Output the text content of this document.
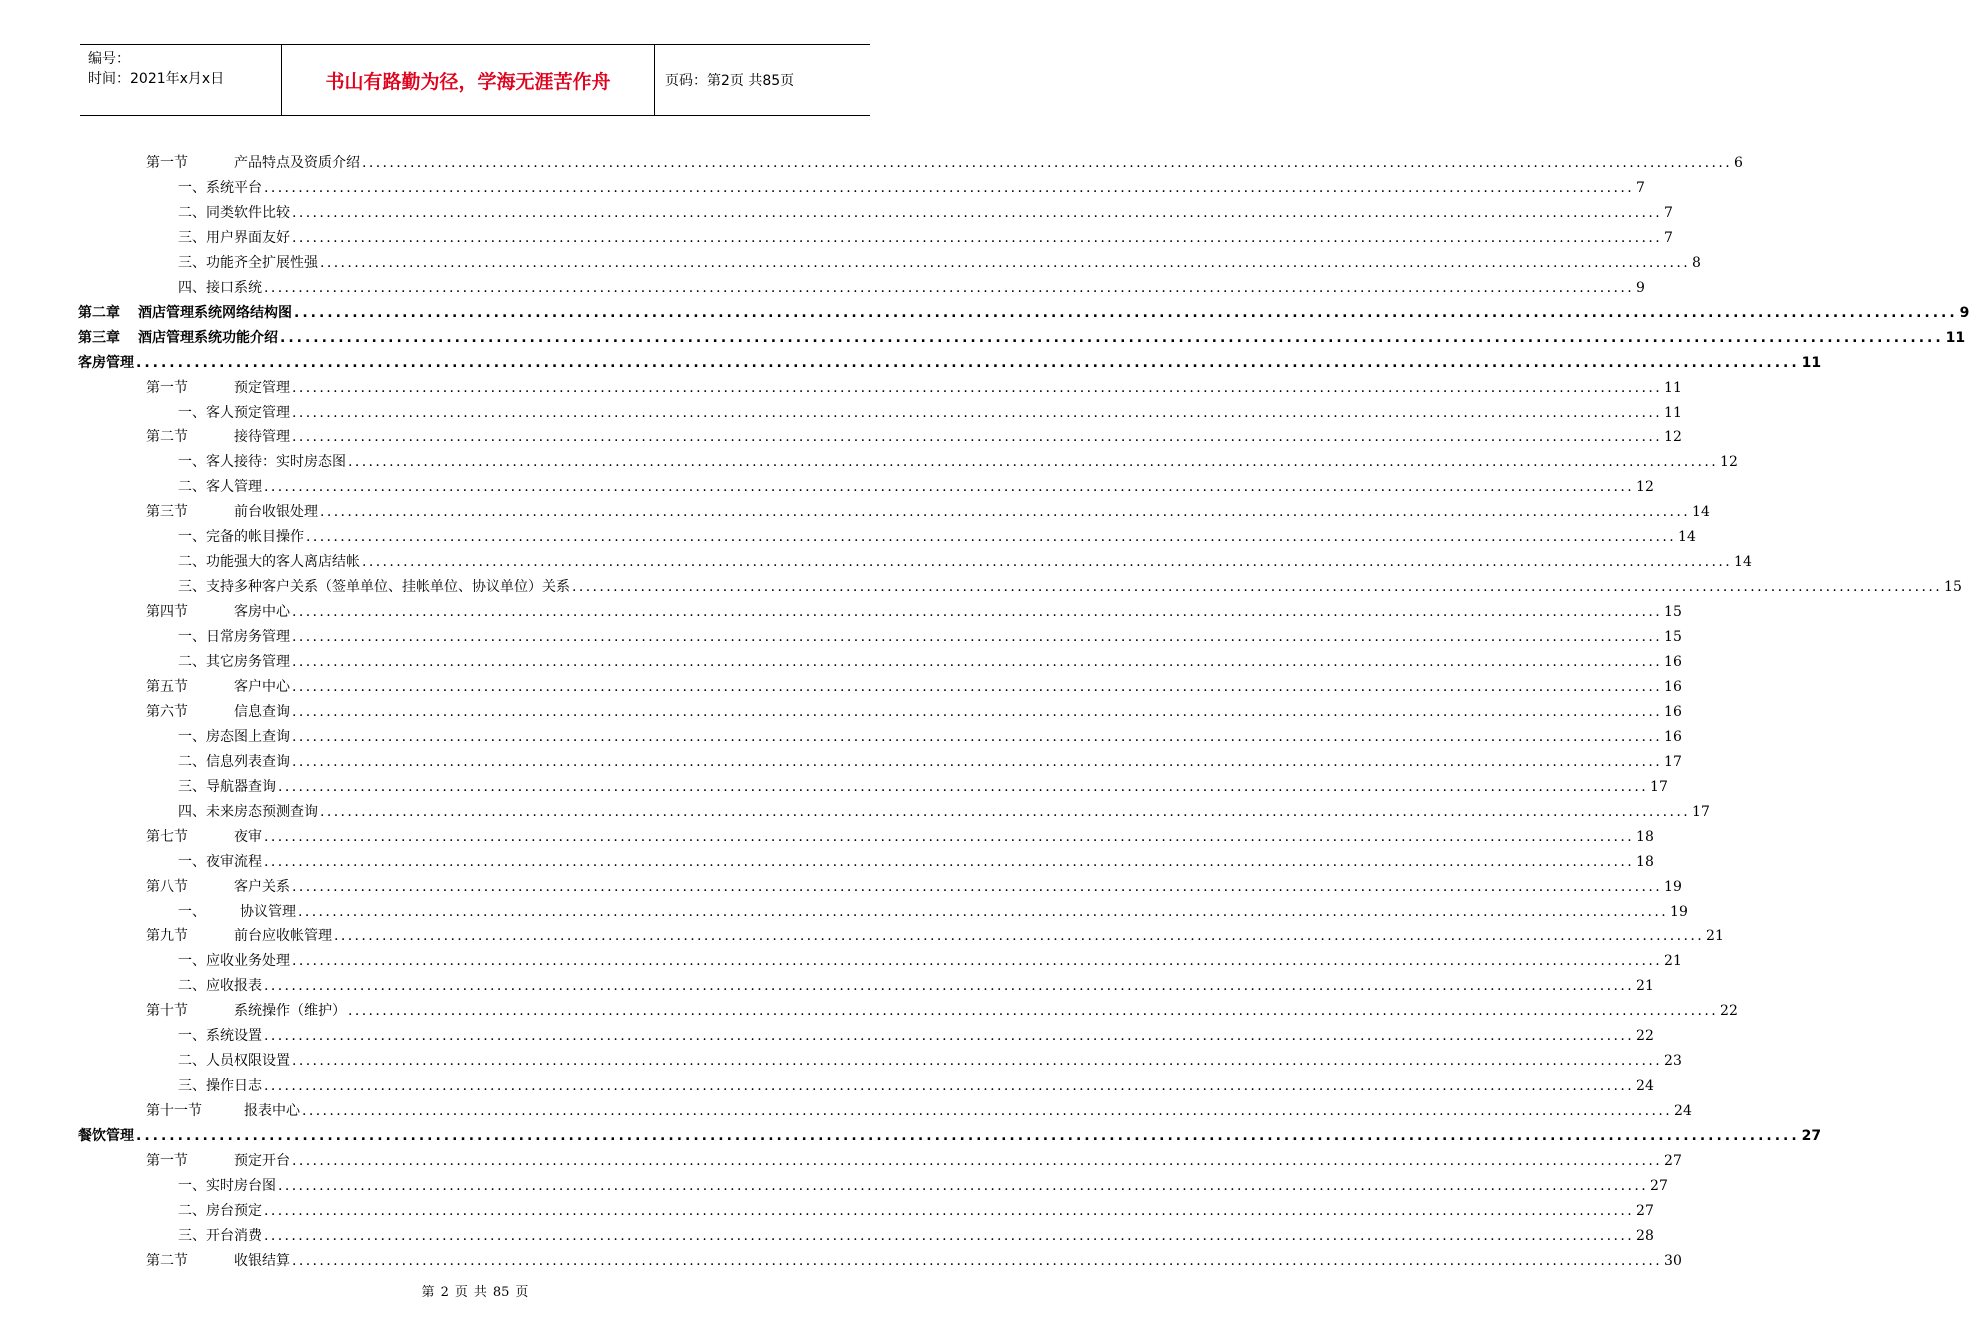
编号：
时间：2021年x月x日	书山有路勤为径，学海无涯苦作舟	页码：第2页 共85页
第一节	产品特点及资质介绍 ........................................................................................................................................................................................................ 6
一、系统平台 ........................................................................................................................................................................................................ 7
二、同类软件比较 ........................................................................................................................................................................................................ 7
三、用户界面友好 ........................................................................................................................................................................................................ 7
三、功能齐全扩展性强 ........................................................................................................................................................................................................ 8
四、接口系统 ........................................................................................................................................................................................................ 9
第二章 酒店管理系统网络结构图 ........................................................................................................................................................................................................ 9
第三章 酒店管理系统功能介绍 ........................................................................................................................................................................................................ 11
客房管理 ........................................................................................................................................................................................................ 11
第一节	预定管理 ........................................................................................................................................................................................................ 11
一、客人预定管理 ........................................................................................................................................................................................................ 11
第二节	接待管理 ........................................................................................................................................................................................................ 12
一、客人接待：实时房态图 ........................................................................................................................................................................................................ 12
二、客人管理 ........................................................................................................................................................................................................ 12
第三节	前台收银处理 ........................................................................................................................................................................................................ 14
一、完备的帐目操作 ........................................................................................................................................................................................................ 14
二、功能强大的客人离店结帐 ........................................................................................................................................................................................................ 14
三、支持多种客户关系（签单单位、挂帐单位、协议单位）关系 ........................................................................................................................................................................................................ 15
第四节	客房中心 ........................................................................................................................................................................................................ 15
一、日常房务管理 ........................................................................................................................................................................................................ 15
二、其它房务管理 ........................................................................................................................................................................................................ 16
第五节	客户中心 ........................................................................................................................................................................................................ 16
第六节	信息查询 ........................................................................................................................................................................................................ 16
一、房态图上查询 ........................................................................................................................................................................................................ 16
二、信息列表查询 ........................................................................................................................................................................................................ 17
三、导航器查询 ........................................................................................................................................................................................................ 17
四、未来房态预测查询 ........................................................................................................................................................................................................ 17
第七节	夜审 ........................................................................................................................................................................................................ 18
一、夜审流程 ........................................................................................................................................................................................................ 18
第八节	客户关系 ........................................................................................................................................................................................................ 19
一、 协议管理 ........................................................................................................................................................................................................ 19
第九节	前台应收帐管理 ........................................................................................................................................................................................................ 21
一、应收业务处理 ........................................................................................................................................................................................................ 21
二、应收报表 ........................................................................................................................................................................................................ 21
第十节	系统操作（维护） ........................................................................................................................................................................................................ 22
一、系统设置 ........................................................................................................................................................................................................ 22
二、人员权限设置 ........................................................................................................................................................................................................ 23
三、操作日志 ........................................................................................................................................................................................................ 24
第十一节	报表中心 ........................................................................................................................................................................................................ 24
餐饮管理 ........................................................................................................................................................................................................ 27
第一节	预定开台 ........................................................................................................................................................................................................ 27
一、实时房台图 ........................................................................................................................................................................................................ 27
二、房台预定 ........................................................................................................................................................................................................ 27
三、开台消费 ........................................................................................................................................................................................................ 28
第二节	收银结算 ........................................................................................................................................................................................................ 30
第 2 页 共 85 页
